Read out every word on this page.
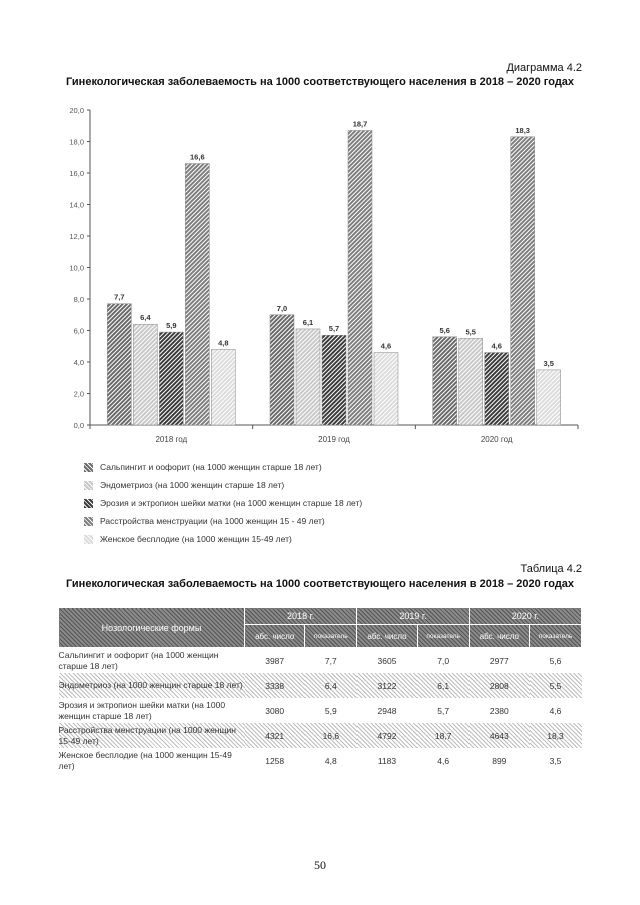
Диаграмма 4.2
Гинекологическая заболеваемость на 1000 соответствующего населения в 2018 – 2020 годах
0,0
2,0
4,0
6,0
8,0
10,0
12,0
14,0
16,0
18,0
20,0
7,7
6,4
5,9
16,6
4,8
2018 год
7,0
6,1
5,7
18,7
4,6
2019 год
5,6 5,5
4,6
18,3
3,5
2020 год
Сальпингит и оофорит (на 1000 женщин старше 18 лет)
Эндометриоз (на 1000 женщин старше 18 лет)
Эрозия и эктропион шейки матки (на 1000 женщин старше 18 лет)
Расстройства менструации (на 1000 женщин 15 - 49 лет)
Женское бесплодие (на 1000 женщин 15-49 лет)
Таблица 4.2
Гинекологическая заболеваемость на 1000 соответствующего населения в 2018 – 2020 годах
Нозологические формы	2018 г.		2019 г.		2020 г.	
	абс. число	показатель	абс. число	показатель	абс. число	показатель
Сальпингит и оофорит (на 1000 женщин старше 18 лет)	3987	7,7	3605	7,0	2977	5,6
Эндометриоз (на 1000 женщин старше 18 лет)	3338	6,4	3122	6,1	2808	5,5
Эрозия и эктропион шейки матки (на 1000 женщин старше 18 лет)	3080	5,9	2948	5,7	2380	4,6
Расстройства менструации (на 1000 женщин 15-49 лет)	4321	16,6	4792	18,7	4643	18,3
Женское бесплодие (на 1000 женщин 15-49 лет)	1258	4,8	1183	4,6	899	3,5
50
